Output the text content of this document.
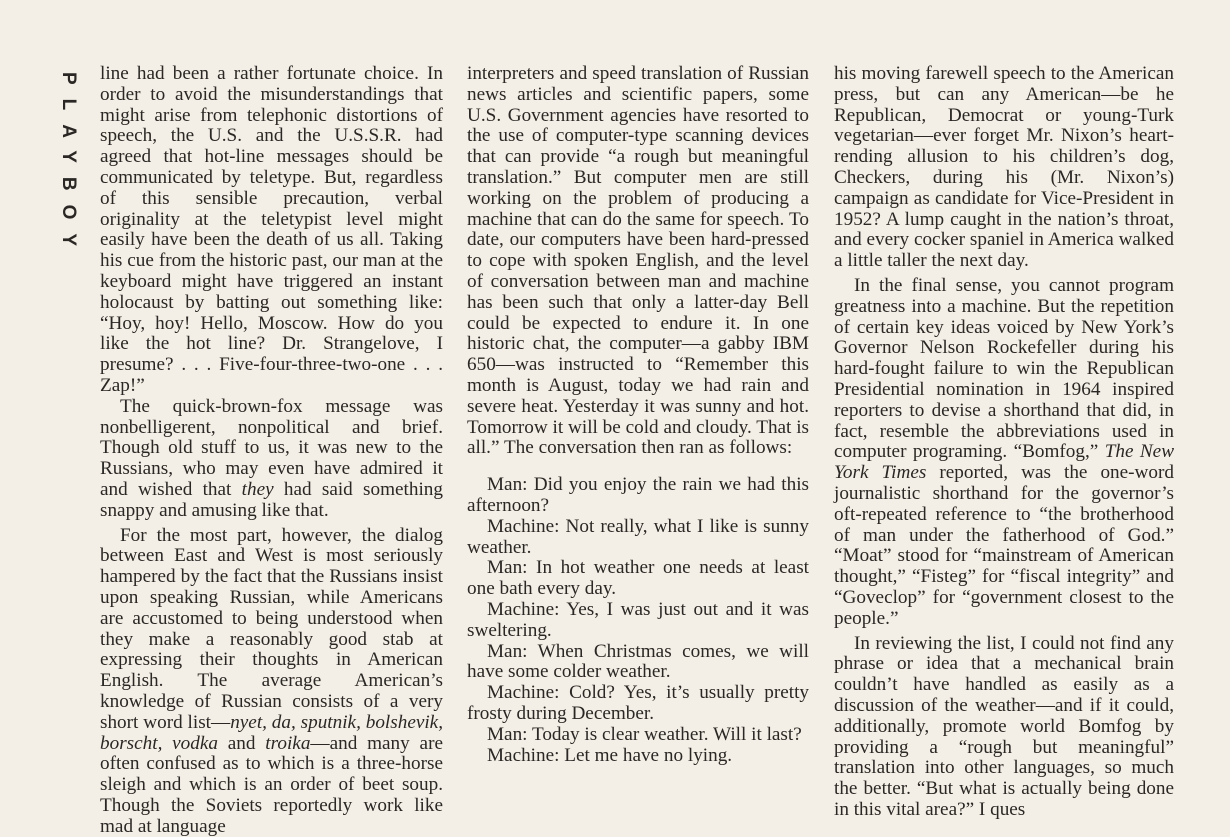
PLAYBOY line had been a rather fortunate choice. In order to avoid the misunderstandings that might arise from telephonic distortions of speech, the U.S. and the U.S.S.R. had agreed that hot-line messages should be communicated by teletype. But, regardless of this sensible precaution, verbal originality at the teletypist level might easily have been the death of us all. Taking his cue from the historic past, our man at the keyboard might have triggered an instant holocaust by batting out something like: “Hoy, hoy! Hello, Moscow. How do you like the hot line? Dr. Strangelove, I presume? . . . Five-four-three-two-one . . . Zap!”

The quick-brown-fox message was nonbelligerent, nonpolitical and brief. Though old stuff to us, it was new to the Russians, who may even have admired it and wished that they had said something snappy and amusing like that.

For the most part, however, the dialog between East and West is most seriously hampered by the fact that the Russians insist upon speaking Russian, while Americans are accustomed to being understood when they make a reasonably good stab at expressing their thoughts in American English. The average American’s knowledge of Russian consists of a very short word list—nyet, da, sputnik, bolshevik, borscht, vodka and troika—and many are often confused as to which is a three-horse sleigh and which is an order of beet soup. Though the Soviets reportedly work like mad at language

interpreters and speed translation of Russian news articles and scientific papers, some U.S. Government agencies have resorted to the use of computer-type scanning devices that can provide “a rough but meaningful translation.” But computer men are still working on the problem of producing a machine that can do the same for speech. To date, our computers have been hard-pressed to cope with spoken English, and the level of conversation between man and machine has been such that only a latter-day Bell could be expected to endure it. In one historic chat, the computer—a gabby IBM 650—was instructed to “Remember this month is August, today we had rain and severe heat. Yesterday it was sunny and hot. Tomorrow it will be cold and cloudy. That is all.” The conversation then ran as follows:

Man: Did you enjoy the rain we had this afternoon?

Machine: Not really, what I like is sunny weather.

Man: In hot weather one needs at least one bath every day.

Machine: Yes, I was just out and it was sweltering.

Man: When Christmas comes, we will have some colder weather.

Machine: Cold? Yes, it’s usually pretty frosty during December.

Man: Today is clear weather. Will it last?

Machine: Let me have no lying.

his moving farewell speech to the American press, but can any American—be he Republican, Democrat or young-Turk vegetarian—ever forget Mr. Nixon’s heart-rending allusion to his children’s dog, Checkers, during his (Mr. Nixon’s) campaign as candidate for Vice-President in 1952? A lump caught in the nation’s throat, and every cocker spaniel in America walked a little taller the next day.

In the final sense, you cannot program greatness into a machine. But the repetition of certain key ideas voiced by New York’s Governor Nelson Rockefeller during his hard-fought failure to win the Republican Presidential nomination in 1964 inspired reporters to devise a shorthand that did, in fact, resemble the abbreviations used in computer programing. “Bomfog,” The New York Times reported, was the one-word journalistic shorthand for the governor’s oft-repeated reference to “the brotherhood of man under the fatherhood of God.” “Moat” stood for “mainstream of American thought,” “Fisteg” for “fiscal integrity” and “Goveclop” for “government closest to the people.”

In reviewing the list, I could not find any phrase or idea that a mechanical brain couldn’t have handled as easily as a discussion of the weather—and if it could, additionally, promote world Bomfog by providing a “rough but meaningful” translation into other languages, so much the better. “But what is actually being done in this vital area?” I ques
